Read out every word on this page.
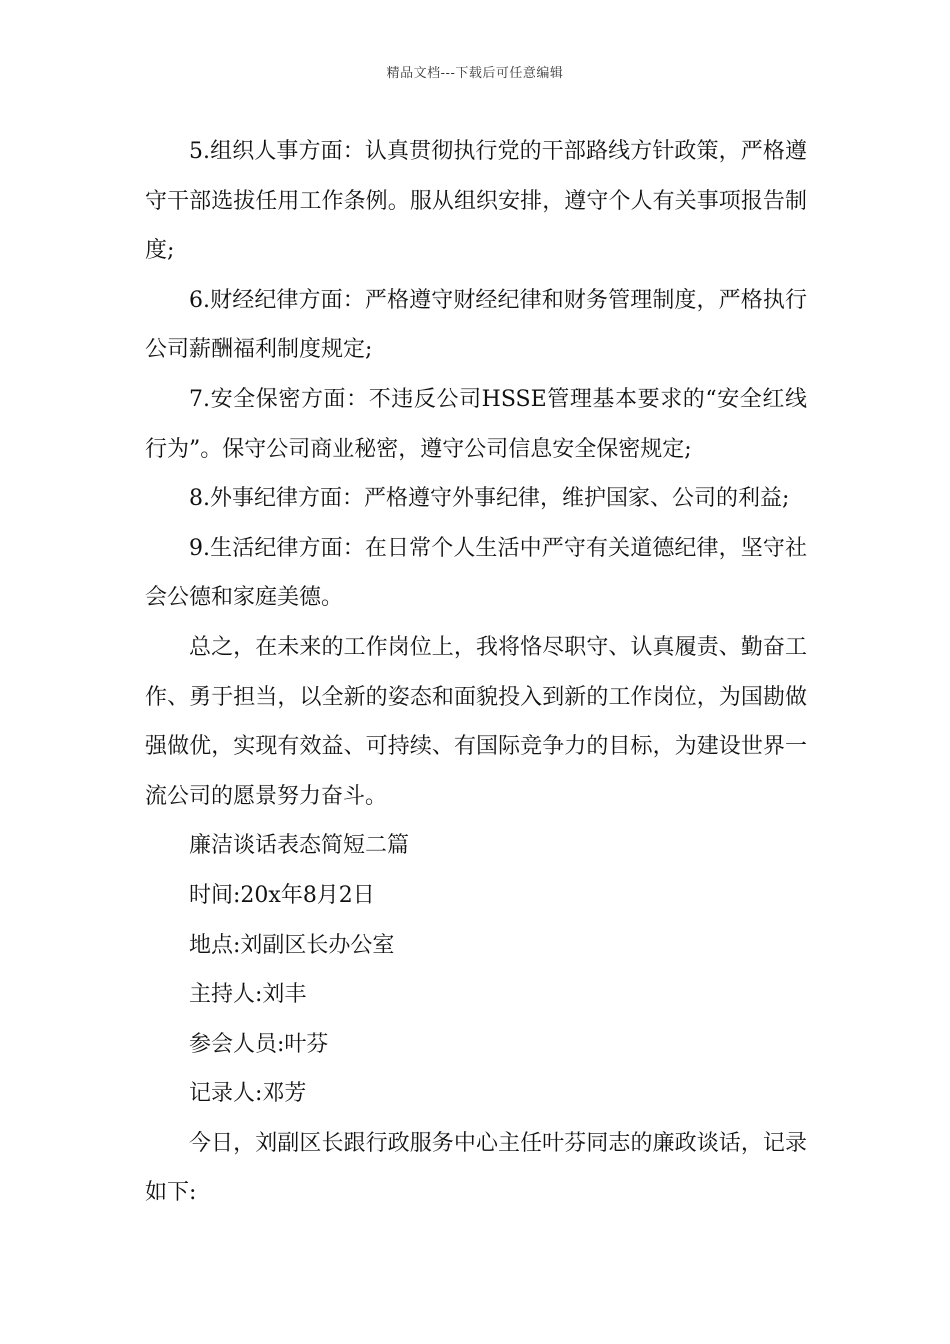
精品文档---下载后可任意编辑

5.组织人事方面：认真贯彻执行党的干部路线方针政策，严格遵守干部选拔任用工作条例。服从组织安排，遵守个人有关事项报告制度;

6.财经纪律方面：严格遵守财经纪律和财务管理制度，严格执行公司薪酬福利制度规定;

7.安全保密方面：不违反公司HSSE管理基本要求的“安全红线行为”。保守公司商业秘密，遵守公司信息安全保密规定;

8.外事纪律方面：严格遵守外事纪律，维护国家、公司的利益;

9.生活纪律方面：在日常个人生活中严守有关道德纪律，坚守社会公德和家庭美德。

总之，在未来的工作岗位上，我将恪尽职守、认真履责、勤奋工作、勇于担当，以全新的姿态和面貌投入到新的工作岗位，为国勘做强做优，实现有效益、可持续、有国际竞争力的目标，为建设世界一流公司的愿景努力奋斗。

廉洁谈话表态简短二篇

时间:20x年8月2日

地点:刘副区长办公室

主持人:刘丰

参会人员:叶芬

记录人:邓芳

今日，刘副区长跟行政服务中心主任叶芬同志的廉政谈话，记录如下:
